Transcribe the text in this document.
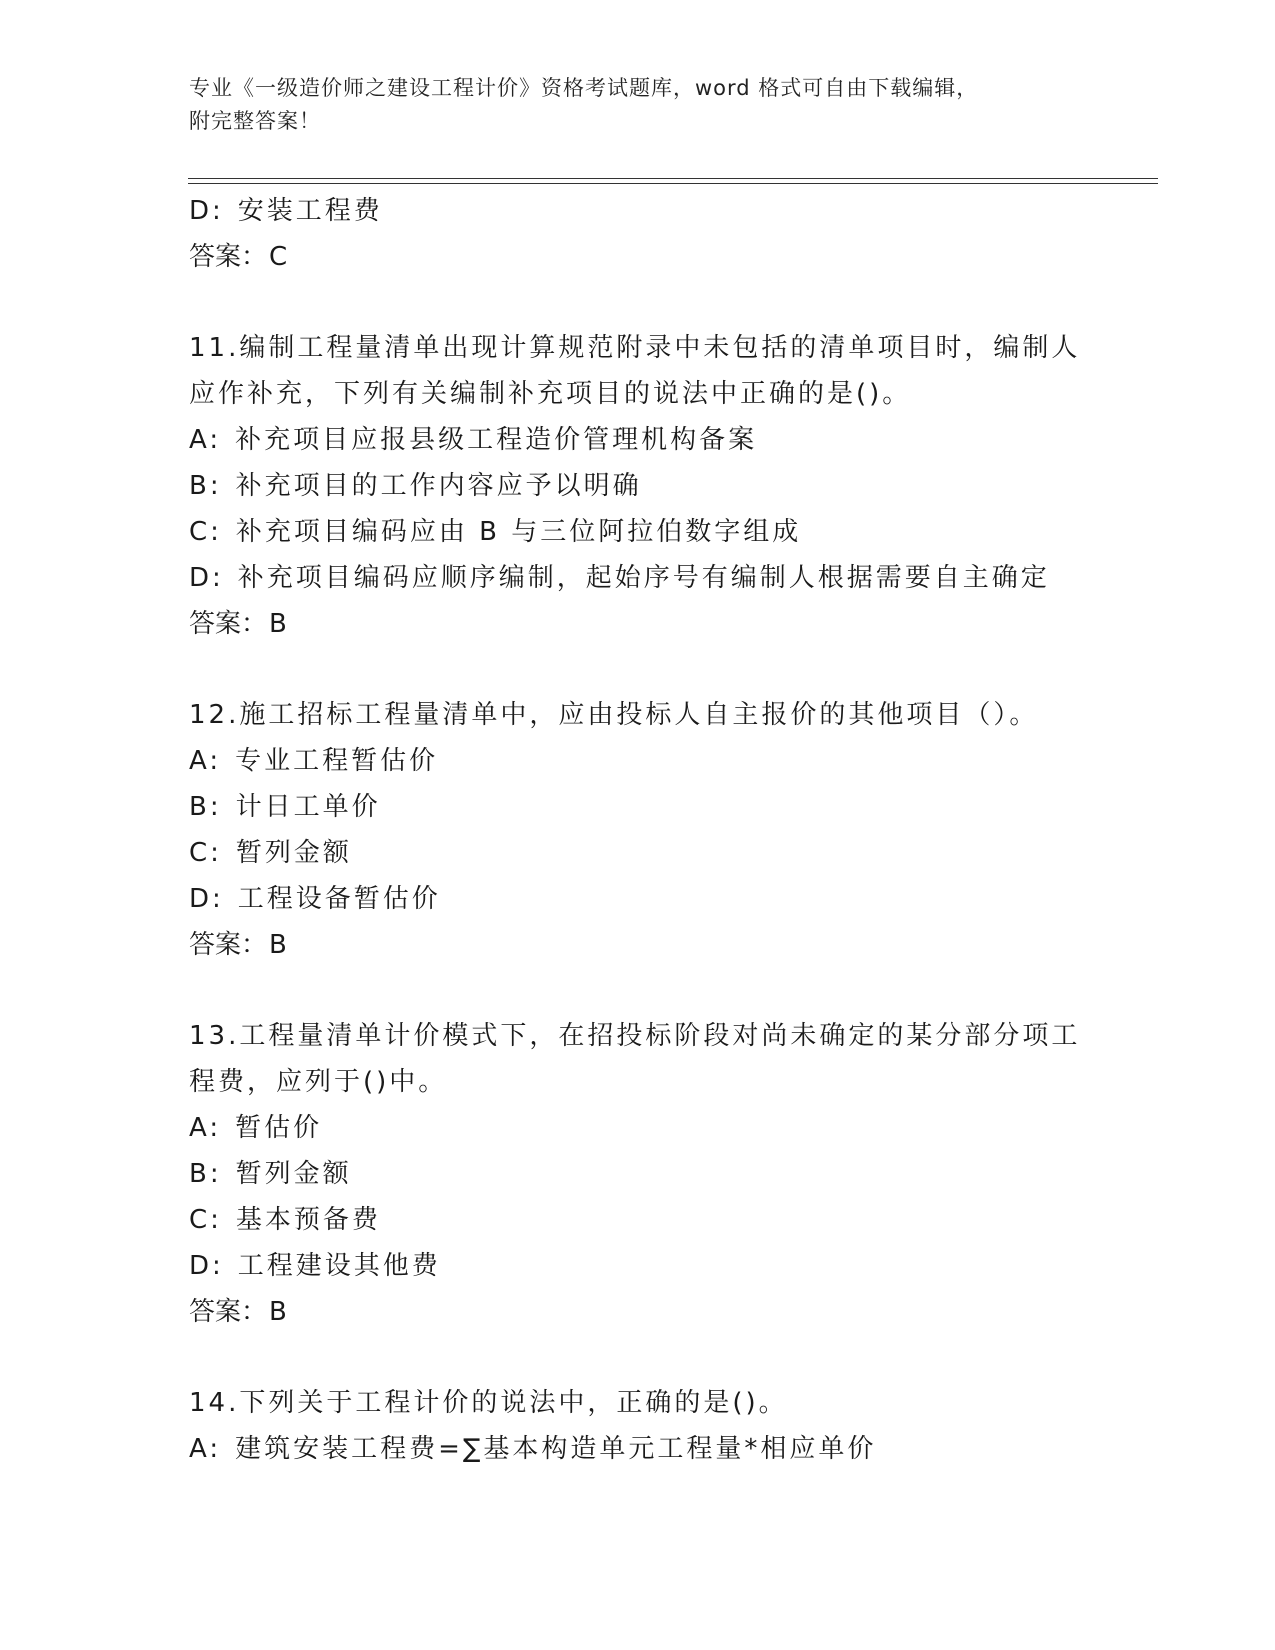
专业《一级造价师之建设工程计价》资格考试题库，word 格式可自由下载编辑，

附完整答案！

D: 安装工程费
答案：C
11.编制工程量清单出现计算规范附录中未包括的清单项目时，编制人
应作补充，下列有关编制补充项目的说法中正确的是()。
A: 补充项目应报县级工程造价管理机构备案
B: 补充项目的工作内容应予以明确
C: 补充项目编码应由 B 与三位阿拉伯数字组成
D: 补充项目编码应顺序编制，起始序号有编制人根据需要自主确定
答案：B
12.施工招标工程量清单中，应由投标人自主报价的其他项目（）。
A: 专业工程暂估价
B: 计日工单价
C: 暂列金额
D: 工程设备暂估价
答案：B
13.工程量清单计价模式下，在招投标阶段对尚未确定的某分部分项工
程费，应列于()中。
A: 暂估价
B: 暂列金额
C: 基本预备费
D: 工程建设其他费
答案：B
14.下列关于工程计价的说法中，正确的是()。
A: 建筑安装工程费=∑基本构造单元工程量*相应单价
